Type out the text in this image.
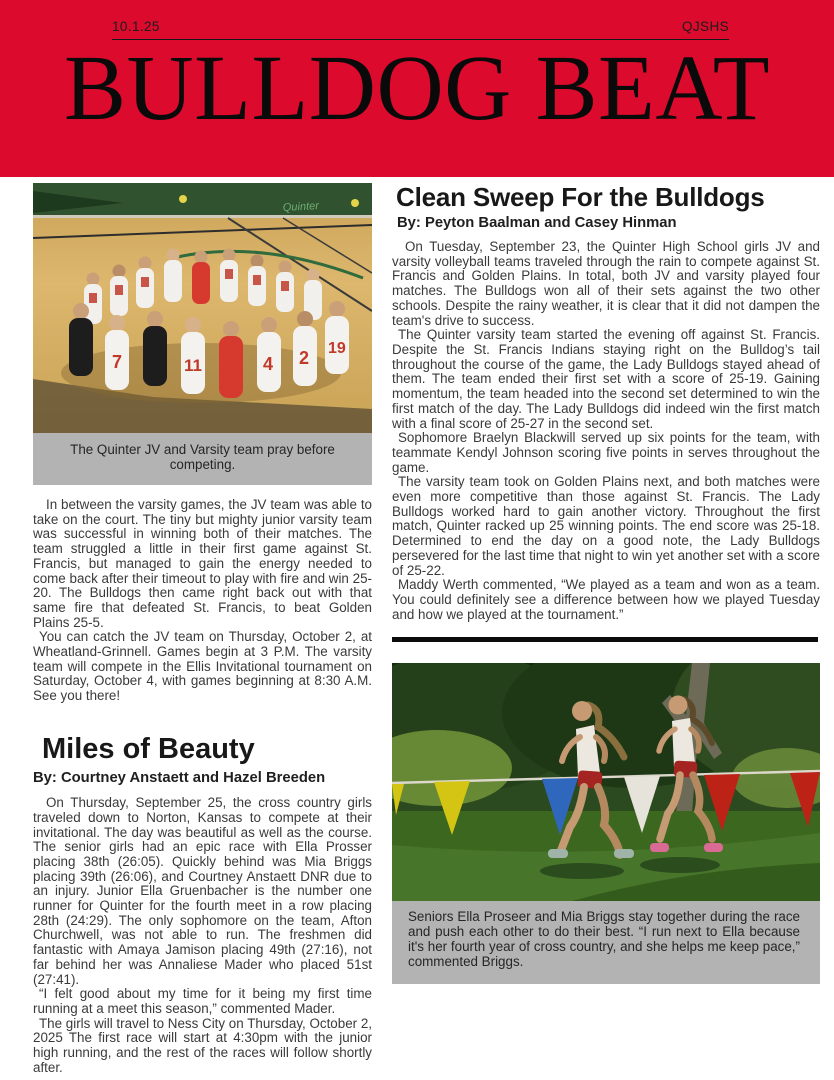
10.1.25	QJSHS
BULLDOG BEAT
Quinter
7	11	4 2 19
The Quinter JV and Varsity team pray before competing.

In between the varsity games, the JV team was able to take on the court. The tiny but mighty junior varsity team was successful in winning both of their matches. The team struggled a little in their first game against St. Francis, but managed to gain the energy needed to come back after their timeout to play with fire and win 25-20. The Bulldogs then came right back out with that same fire that defeated St. Francis, to beat Golden Plains 25-5.

You can catch the JV team on Thursday, October 2, at Wheatland-Grinnell. Games begin at 3 P.M. The varsity team will compete in the Ellis Invitational tournament on Saturday, October 4, with games beginning at 8:30 A.M. See you there!

Miles of Beauty
By: Courtney Anstaett and Hazel Breeden

On Thursday, September 25, the cross country girls traveled down to Norton, Kansas to compete at their invitational. The day was beautiful as well as the course. The senior girls had an epic race with Ella Prosser placing 38th (26:05). Quickly behind was Mia Briggs placing 39th (26:06), and Courtney Anstaett DNR due to an injury. Junior Ella Gruenbacher is the number one runner for Quinter for the fourth meet in a row placing 28th (24:29). The only sophomore on the team, Afton Churchwell, was not able to run. The freshmen did fantastic with Amaya Jamison placing 49th (27:16), not far behind her was Annaliese Mader who placed 51st (27:41).

“I felt good about my time for it being my first time running at a meet this season,” commented Mader.

The girls will travel to Ness City on Thursday, October 2, 2025 The first race will start at 4:30pm with the junior high running, and the rest of the races will follow shortly after.

Clean Sweep For the Bulldogs
By: Peyton Baalman and Casey Hinman

On Tuesday, September 23, the Quinter High School girls JV and varsity volleyball teams traveled through the rain to compete against St. Francis and Golden Plains. In total, both JV and varsity played four matches. The Bulldogs won all of their sets against the two other schools. Despite the rainy weather, it is clear that it did not dampen the team's drive to success.

The Quinter varsity team started the evening off against St. Francis. Despite the St. Francis Indians staying right on the Bulldog’s tail throughout the course of the game, the Lady Bulldogs stayed ahead of them. The team ended their first set with a score of 25-19. Gaining momentum, the team headed into the second set determined to win the first match of the day. The Lady Bulldogs did indeed win the first match with a final score of 25-27 in the second set.

Sophomore Braelyn Blackwill served up six points for the team, with teammate Kendyl Johnson scoring five points in serves throughout the game.

The varsity team took on Golden Plains next, and both matches were even more competitive than those against St. Francis. The Lady Bulldogs worked hard to gain another victory. Throughout the first match, Quinter racked up 25 winning points. The end score was 25-18. Determined to end the day on a good note, the Lady Bulldogs persevered for the last time that night to win yet another set with a score of 25-22.

Maddy Werth commented, “We played as a team and won as a team. You could definitely see a difference between how we played Tuesday and how we played at the tournament.”

Seniors Ella Proseer and Mia Briggs stay together during the race and push each other to do their best. “I run next to Ella because it's her fourth year of cross country, and she helps me keep pace,” commented Briggs.
